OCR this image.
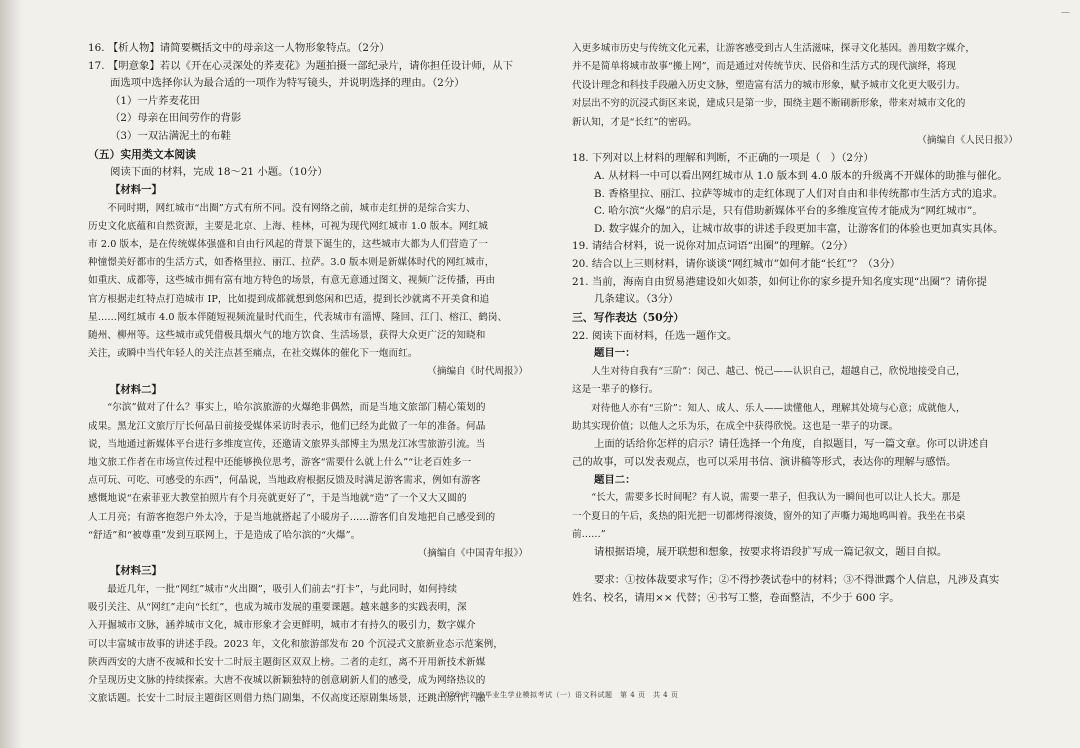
—

16. 【析人物】请简要概括文中的母亲这一人物形象特点。（2分）

17. 【明意象】若以《开在心灵深处的荞麦花》为题拍摄一部纪录片，请你担任设计师，从下

面选项中选择你认为最合适的一项作为特写镜头，并说明选择的理由。（2分）

（1）一片荞麦花田

（2）母亲在田间劳作的背影

（3）一双沾满泥土的布鞋

（五）实用类文本阅读

阅读下面的材料，完成 18～21 小题。（10分）

【材料一】

不同时期，网红城市“出圈”方式有所不同。没有网络之前，城市走红拼的是综合实力、

历史文化底蕴和自然资源，主要是北京、上海、桂林，可视为现代网红城市 1.0 版本。网红城

市 2.0 版本，是在传统媒体强盛和自由行风起的背景下诞生的，这些城市大都为人们营造了一

种憧憬美好都市的生活方式，如香格里拉、丽江、拉萨。3.0 版本则是新媒体时代的网红城市，

如重庆、成都等，这些城市拥有富有地方特色的场景，有意无意通过图文、视频广泛传播，再由

官方根据走红特点打造城市 IP，比如提到成都就想到悠闲和巴适，提到长沙就离不开美食和追

星……网红城市 4.0 版本伴随短视频流量时代而生，代表城市有淄博、隆回、江门、榕江、鹤岗、

随州、柳州等。这些城市或凭借极具烟火气的地方饮食、生活场景，获得大众更广泛的知晓和

关注，或瞬中当代年轻人的关注点甚至痛点，在社交媒体的催化下一炮而红。

（摘编自《时代周报》）

【材料二】

“尔滨”做对了什么？事实上，哈尔滨旅游的火爆绝非偶然，而是当地文旅部门精心策划的

成果。黑龙江文旅厅厅长何晶日前接受媒体采访时表示，他们已经为此做了一年的准备。何晶

说，当地通过新媒体平台进行多维度宣传，还邀请文旅界头部博主为黑龙江冰雪旅游引流。当

地文旅工作者在市场宣传过程中还能够换位思考，游客“需要什么就上什么”“让老百姓多一

点可玩、可吃、可感受的东西”，何晶说，当地政府根据反馈及时满足游客需求，例如有游客

感慨地说“在索菲亚大教堂拍照片有个月亮就更好了”，于是当地就“造”了一个又大又圆的

人工月亮；有游客抱怨户外太冷，于是当地就搭起了小暖房子……游客们自发地把自己感受到的

“舒适”和“被尊重”发到互联网上，于是造成了哈尔滨的“火爆”。

（摘编自《中国青年报》）

【材料三】

最近几年，一批“网红”城市“火出圈”，吸引人们前去“打卡”，与此同时，如何持续

吸引关注、从“网红”走向“长红”，也成为城市发展的重要课题。越来越多的实践表明，深

入开掘城市文脉，涵养城市文化，城市形象才会更鲜明，城市才有持久的吸引力，数字媒介

可以丰富城市故事的讲述手段。2023 年，文化和旅游部发布 20 个沉浸式文旅新业态示范案例，

陕西西安的大唐不夜城和长安十二时辰主题街区双双上榜。二者的走红，离不开用新技术新媒

介呈现历史文脉的持续探索。大唐不夜城以新颖独特的创意刷新人们的感受，成为网络热议的

文旅话题。长安十二时辰主题街区则借力热门剧集，不仅高度还原剧集场景，还跳出原作，融

入更多城市历史与传统文化元素，让游客感受到古人生活滋味，探寻文化基因。善用数字媒介，

并不是简单将城市故事“搬上网”，而是通过对传统节庆、民俗和生活方式的现代演绎，将现

代设计理念和科技手段融入历史文脉，塑造富有活力的城市形象，赋予城市文化更大吸引力。

对层出不穷的沉浸式街区来说，建成只是第一步，围绕主题不断刷新形象，带来对城市文化的

新认知，才是“长红”的密码。

（摘编自《人民日报》）

18. 下列对以上材料的理解和判断，不正确的一项是（　）（2分）

A. 从材料一中可以看出网红城市从 1.0 版本到 4.0 版本的升级离不开媒体的助推与催化。

B. 香格里拉、丽江、拉萨等城市的走红体现了人们对自由和非传统都市生活方式的追求。

C. 哈尔滨“火爆”的启示是，只有借助新媒体平台的多维度宣传才能成为“网红城市”。

D. 数字媒介的加入，让城市故事的讲述手段更加丰富，让游客们的体验也更加真实具体。

19. 请结合材料，说一说你对加点词语“出圈”的理解。（2分）

20. 结合以上三则材料，请你谈谈“网红城市”如何才能“长红”？（3分）

21. 当前，海南自由贸易港建设如火如荼，如何让你的家乡提升知名度实现“出圈”？请你提

几条建议。（3分）

三、写作表达（50分）

22. 阅读下面材料，任选一题作文。

题目一：

人生对待自我有“三阶”：闵己、越己、悦己——认识自己，超越自己，欣悦地接受自己，

这是一辈子的修行。

对待他人亦有“三阶”：知人、成人、乐人——读懂他人，理解其处境与心意；成就他人，

助其实现价值；以他人之乐为乐，在成全中获得欣悦。这也是一辈子的功课。

上面的话给你怎样的启示？请任选择一个角度，自拟题目，写一篇文章。你可以讲述自

己的故事，可以发表观点，也可以采用书信、演讲稿等形式，表达你的理解与感悟。

题目二：

“长大，需要多长时间呢？有人说，需要一辈子，但我认为一瞬间也可以让人长大。那是

一个夏日的午后，炙热的阳光把一切都烤得滚烫，窗外的知了声嘶力竭地鸣叫着。我坐在书桌

前……”

请根据语境，展开联想和想象，按要求将语段扩写成一篇记叙文，题目自拟。

要求：①按体裁要求写作；②不得抄袭试卷中的材料；③不得泄露个人信息，凡涉及真实

姓名、校名，请用×× 代替；④书写工整，卷面整洁，不少于 600 字。

2026 年初中毕业生学业模拟考试（一）语文科试题　第 4 页　共 4 页
